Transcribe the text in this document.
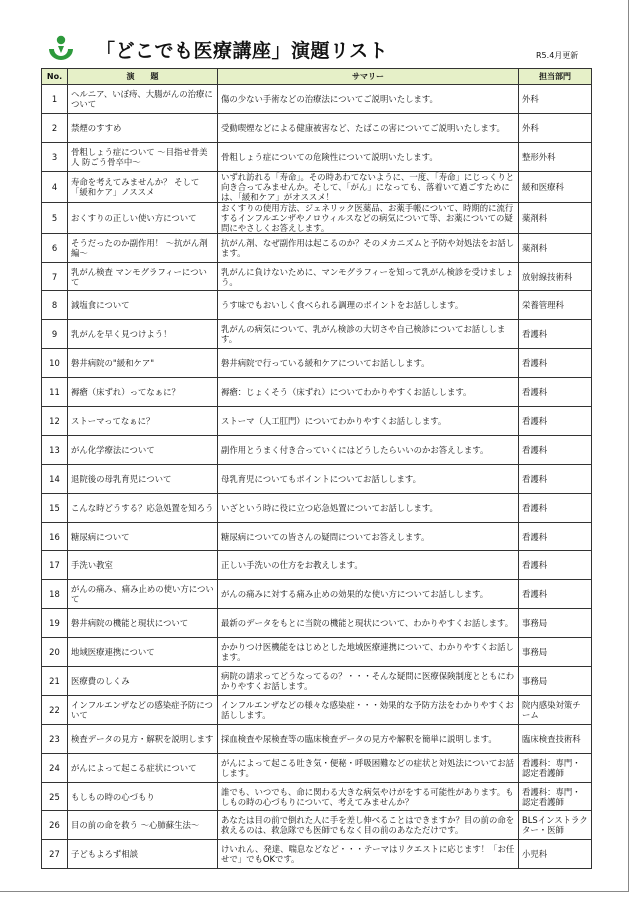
「どこでも医療講座」演題リスト	R5.4月更新
No.	演　　題	サマリー	担当部門
1	ヘルニア、いぼ痔、大腸がんの治療について	傷の少ない手術などの治療法についてご説明いたします。	外科
2	禁煙のすすめ	受動喫煙などによる健康被害など、たばこの害についてご説明いたします。	外科
3	骨粗しょう症について ～目指せ骨美人 防ごう骨卒中～	骨粗しょう症についての危険性について説明いたします。	整形外科
4	寿命を考えてみませんか？ そして「緩和ケア」ノススメ	いずれ訪れる「寿命」。その時あわてないように、一度、「寿命」にじっくりと向き合ってみませんか。そして、「がん」になっても、落着いて過ごすためには、「緩和ケア」がオススメ！	緩和医療科
5	おくすりの正しい使い方について	おくすりの使用方法、ジェネリック医薬品、お薬手帳について、時期的に流行するインフルエンザやノロウィルスなどの病気について等、お薬についての疑問にやさしくお答えします。	薬剤科
6	そうだったのか副作用！ ～抗がん剤編～	抗がん剤、なぜ副作用は起こるのか？そのメカニズムと予防や対処法をお話します。	薬剤科
7	乳がん検査 マンモグラフィーについて	乳がんに負けないために、マンモグラフィーを知って乳がん検診を受けましょう。	放射線技術科
8	減塩食について	うす味でもおいしく食べられる調理のポイントをお話しします。	栄養管理科
9	乳がんを早く見つけよう！	乳がんの病気について、乳がん検診の大切さや自己検診についてお話しします。	看護科
10	磐井病院の"緩和ケア"	磐井病院で行っている緩和ケアについてお話しします。	看護科
11	褥瘡（床ずれ）ってなぁに？	褥瘡：じょくそう（床ずれ）についてわかりやすくお話しします。	看護科
12	ストーマってなぁに？	ストーマ（人工肛門）についてわかりやすくお話しします。	看護科
13	がん化学療法について	副作用とうまく付き合っていくにはどうしたらいいのかお答えします。	看護科
14	退院後の母乳育児について	母乳育児についてもポイントについてお話しします。	看護科
15	こんな時どうする？応急処置を知ろう	いざという時に役に立つ応急処置についてお話しします。	看護科
16	糖尿病について	糖尿病についての皆さんの疑問についてお答えします。	看護科
17	手洗い教室	正しい手洗いの仕方をお教えします。	看護科
18	がんの痛み、痛み止めの使い方について	がんの痛みに対する痛み止めの効果的な使い方についてお話しします。	看護科
19	磐井病院の機能と現状について	最新のデータをもとに当院の機能と現状について、わかりやすくお話します。	事務局
20	地域医療連携について	かかりつけ医機能をはじめとした地域医療連携について、わかりやすくお話します。	事務局
21	医療費のしくみ	病院の請求ってどうなってるの？・・・そんな疑問に医療保険制度とともにわかりやすくお話します。	事務局
22	インフルエンザなどの感染症予防について	インフルエンザなどの様々な感染症・・・効果的な予防方法をわかりやすくお話しします。	院内感染対策チーム
23	検査データの見方・解釈を説明します	採血検査や尿検査等の臨床検査データの見方や解釈を簡単に説明します。	臨床検査技術科
24	がんによって起こる症状について	がんによって起こる吐き気・便秘・呼吸困難などの症状と対処法についてお話します。	看護科：専門・認定看護師
25	もしもの時の心づもり	誰でも、いつでも、命に関わる大きな病気やけがをする可能性があります。もしもの時の心づもりについて、考えてみませんか？	看護科：専門・認定看護師
26	目の前の命を救う ～心肺蘇生法～	あなたは目の前で倒れた人に手を差し伸べることはできますか？目の前の命を救えるのは、救急隊でも医師でもなく目の前のあなただけです。	BLSインストラクター・医師
27	子どもよろず相談	けいれん、発達、喘息などなど・・・テーマはリクエストに応じます！「お任せで」でもOKです。	小児科
